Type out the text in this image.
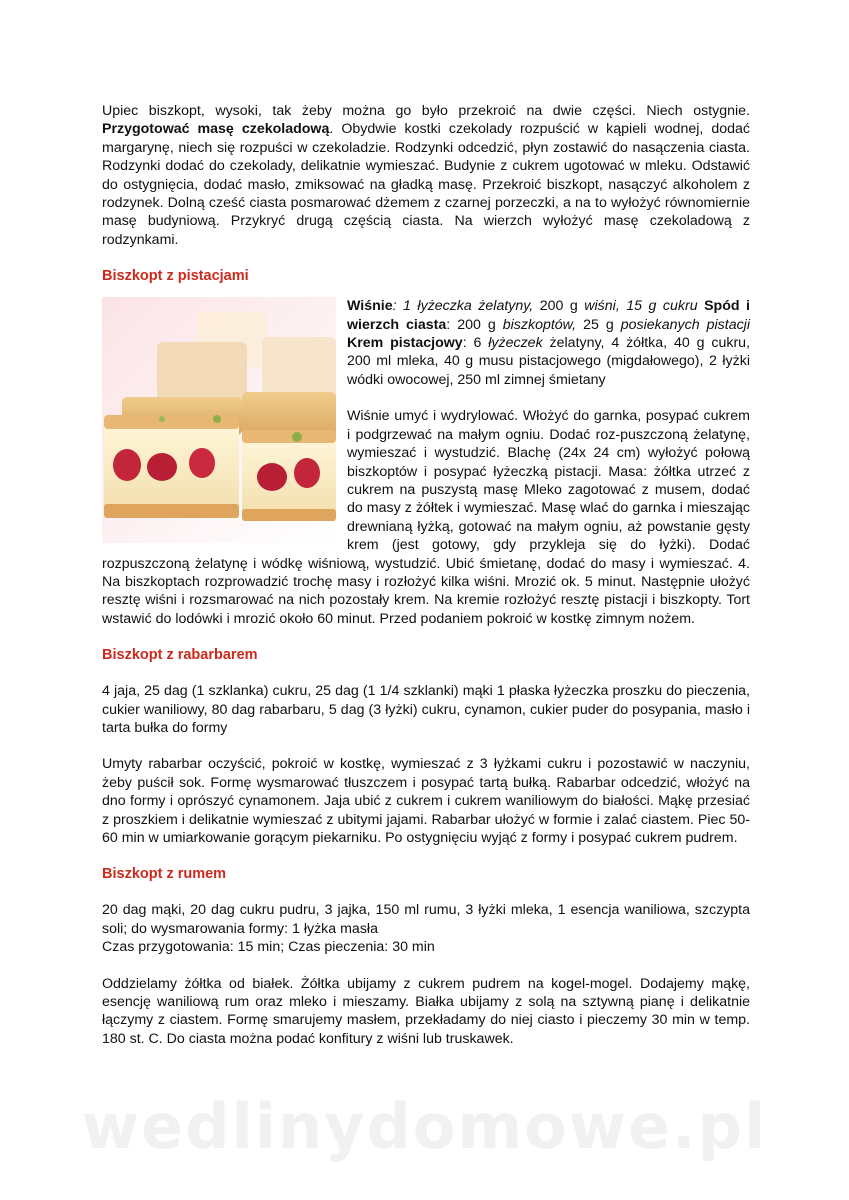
Upiec biszkopt, wysoki, tak żeby można go było przekroić na dwie części. Niech ostygnie. Przygotować masę czekoladową. Obydwie kostki czekolady rozpuścić w kąpieli wodnej, dodać margarynę, niech się rozpuści w czekoladzie. Rodzynki odcedzić, płyn zostawić do nasączenia ciasta. Rodzynki dodać do czekolady, delikatnie wymieszać. Budynie z cukrem ugotować w mleku. Odstawić do ostygnięcia, dodać masło, zmiksować na gładką masę. Przekroić biszkopt, nasączyć alkoholem z rodzynek. Dolną cześć ciasta posmarować dżemem z czarnej porzeczki, a na to wyłożyć równomiernie masę budyniową. Przykryć drugą częścią ciasta. Na wierzch wyłożyć masę czekoladową z rodzynkami.

Biszkopt z pistacjami

Wiśnie: 1 łyżeczka żelatyny, 200 g wiśni, 15 g cukru Spód i wierzch ciasta: 200 g biszkoptów, 25 g posiekanych pistacji Krem pistacjowy: 6 łyżeczek żelatyny, 4 żółtka, 40 g cukru, 200 ml mleka, 40 g musu pistacjowego (migdałowego), 2 łyżki wódki owocowej, 250 ml zimnej śmietany

Wiśnie umyć i wydrylować. Włożyć do garnka, posypać cukrem i podgrzewać na małym ogniu. Dodać roz-puszczoną żelatynę, wymieszać i wystudzić. Blachę (24x 24 cm) wyłożyć połową biszkoptów i posypać łyżeczką pistacji. Masa: żółtka utrzeć z cukrem na puszystą masę Mleko zagotować z musem, dodać do masy z żółtek i wymieszać. Masę wlać do garnka i mieszając drewnianą łyżką, gotować na małym ogniu, aż powstanie gęsty krem (jest gotowy, gdy przykleja się do łyżki). Dodać rozpuszczoną żelatynę i wódkę wiśniową, wystudzić. Ubić śmietanę, dodać do masy i wymieszać. 4. Na biszkoptach rozprowadzić trochę masy i rozłożyć kilka wiśni. Mrozić ok. 5 minut. Następnie ułożyć resztę wiśni i rozsmarować na nich pozostały krem. Na kremie rozłożyć resztę pistacji i biszkopty. Tort wstawić do lodówki i mrozić około 60 minut. Przed podaniem pokroić w kostkę zimnym nożem.

Biszkopt z rabarbarem

4 jaja, 25 dag (1 szklanka) cukru, 25 dag (1 1/4 szklanki) mąki 1 płaska łyżeczka proszku do pieczenia, cukier waniliowy, 80 dag rabarbaru, 5 dag (3 łyżki) cukru, cynamon, cukier puder do posypania, masło i tarta bułka do formy

Umyty rabarbar oczyścić, pokroić w kostkę, wymieszać z 3 łyżkami cukru i pozostawić w naczyniu, żeby puścił sok. Formę wysmarować tłuszczem i posypać tartą bułką. Rabarbar odcedzić, włożyć na dno formy i oprószyć cynamonem. Jaja ubić z cukrem i cukrem waniliowym do białości. Mąkę przesiać z proszkiem i delikatnie wymieszać z ubitymi jajami. Rabarbar ułożyć w formie i zalać ciastem. Piec 50-60 min w umiarkowanie gorącym piekarniku. Po ostygnięciu wyjąć z formy i posypać cukrem pudrem.

Biszkopt z rumem

20 dag mąki, 20 dag cukru pudru, 3 jajka, 150 ml rumu, 3 łyżki mleka, 1 esencja waniliowa, szczypta soli; do wysmarowania formy: 1 łyżka masła

Czas przygotowania: 15 min; Czas pieczenia: 30 min

Oddzielamy żółtka od białek. Żółtka ubijamy z cukrem pudrem na kogel-mogel. Dodajemy mąkę, esencję waniliową rum oraz mleko i mieszamy. Białka ubijamy z solą na sztywną pianę i delikatnie łączymy z ciastem. Formę smarujemy masłem, przekładamy do niej ciasto i pieczemy 30 min w temp. 180 st. C. Do ciasta można podać konfitury z wiśni lub truskawek.

wedlinydomowe.pl
